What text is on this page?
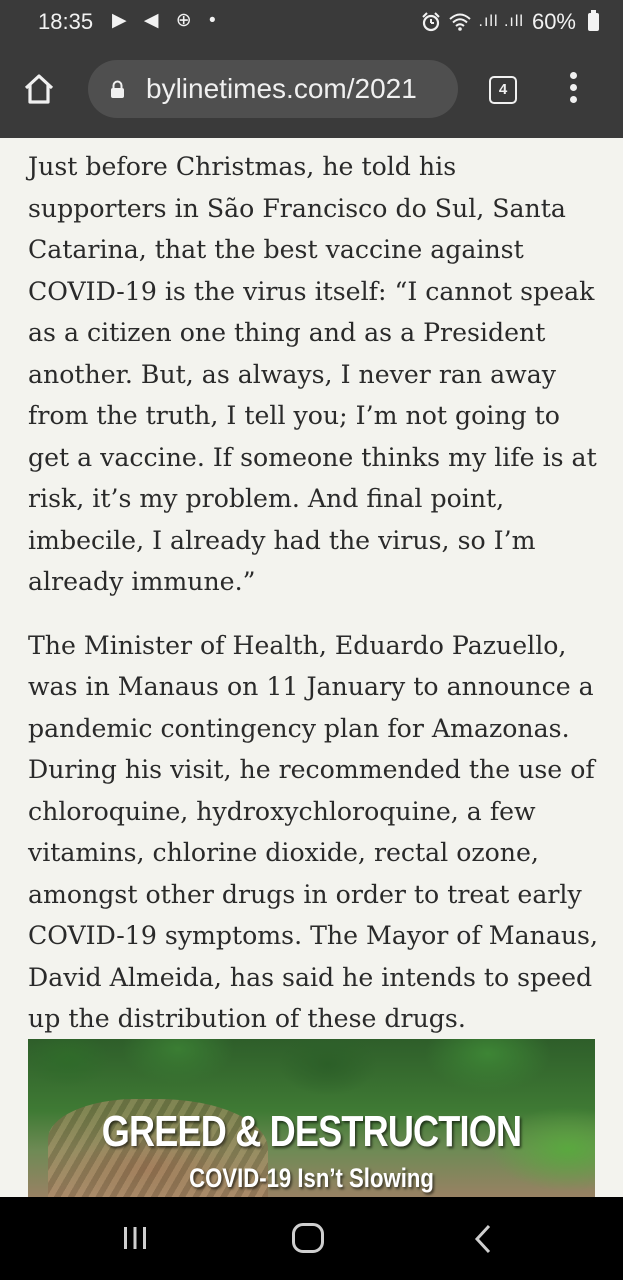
18:35 ▶ ◀ ⊕ •	.ıll .ıll 60%
bylinetimes.com/2021	4

Just before Christmas, he told his supporters in São Francisco do Sul, Santa Catarina, that the best vaccine against COVID-19 is the virus itself: “I cannot speak as a citizen one thing and as a President another. But, as always, I never ran away from the truth, I tell you; I’m not going to get a vaccine. If someone thinks my life is at risk, it’s my problem. And final point, imbecile, I already had the virus, so I’m already immune.”

The Minister of Health, Eduardo Pazuello, was in Manaus on 11 January to announce a pandemic contingency plan for Amazonas. During his visit, he recommended the use of chloroquine, hydroxychloroquine, a few vitamins, chlorine dioxide, rectal ozone, amongst other drugs in order to treat early COVID-19 symptoms. The Mayor of Manaus, David Almeida, has said he intends to speed up the distribution of these drugs.

GREED & DESTRUCTION
COVID-19 Isn’t Slowing
